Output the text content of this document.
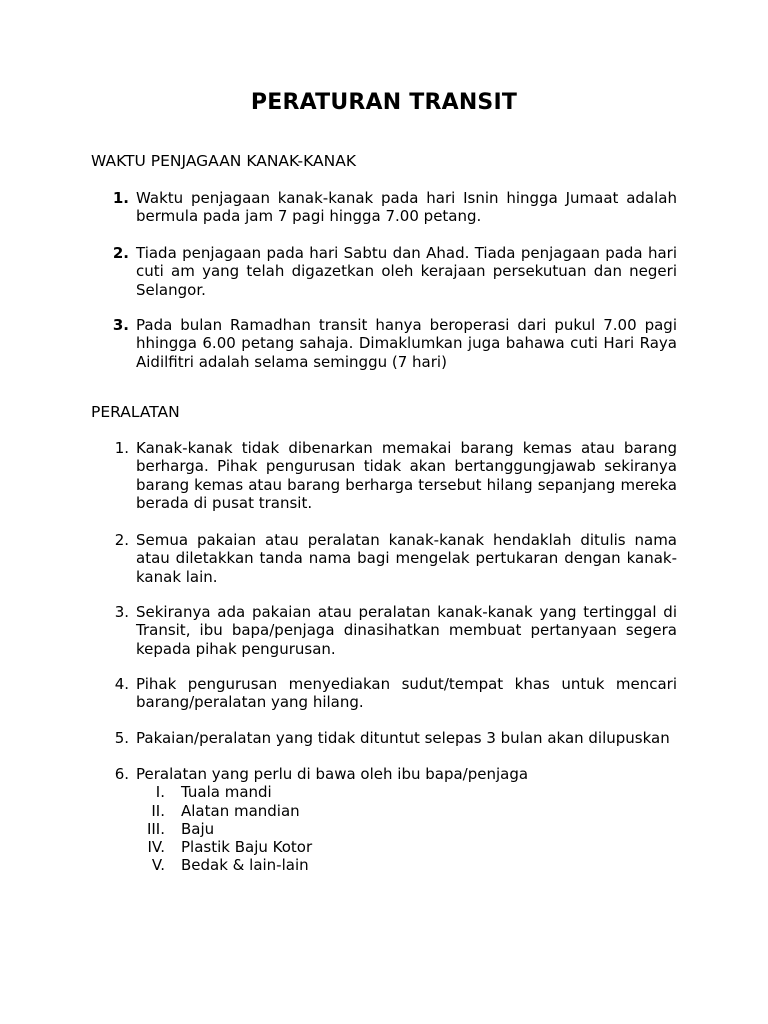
PERATURAN TRANSIT
WAKTU PENJAGAAN KANAK-KANAK
1. Waktu penjagaan kanak-kanak pada hari Isnin hingga Jumaat adalah bermula pada jam 7 pagi hingga 7.00 petang.
2. Tiada penjagaan pada hari Sabtu dan Ahad. Tiada penjagaan pada hari cuti am yang telah digazetkan oleh kerajaan persekutuan dan negeri Selangor.
3. Pada bulan Ramadhan transit hanya beroperasi dari pukul 7.00 pagi hhingga 6.00 petang sahaja. Dimaklumkan juga bahawa cuti Hari Raya Aidilfitri adalah selama seminggu (7 hari)
PERALATAN
1. Kanak-kanak tidak dibenarkan memakai barang kemas atau barang berharga. Pihak pengurusan tidak akan bertanggungjawab sekiranya barang kemas atau barang berharga tersebut hilang sepanjang mereka berada di pusat transit.
2. Semua pakaian atau peralatan kanak-kanak hendaklah ditulis nama atau diletakkan tanda nama bagi mengelak pertukaran dengan kanak-kanak lain.
3. Sekiranya ada pakaian atau peralatan kanak-kanak yang tertinggal di Transit, ibu bapa/penjaga dinasihatkan membuat pertanyaan segera kepada pihak pengurusan.
4. Pihak pengurusan menyediakan sudut/tempat khas untuk mencari barang/peralatan yang hilang.
5. Pakaian/peralatan yang tidak dituntut selepas 3 bulan akan dilupuskan
6. Peralatan yang perlu di bawa oleh ibu bapa/penjaga
I. Tuala mandi
II. Alatan mandian
III. Baju
IV. Plastik Baju Kotor
V. Bedak & lain-lain
